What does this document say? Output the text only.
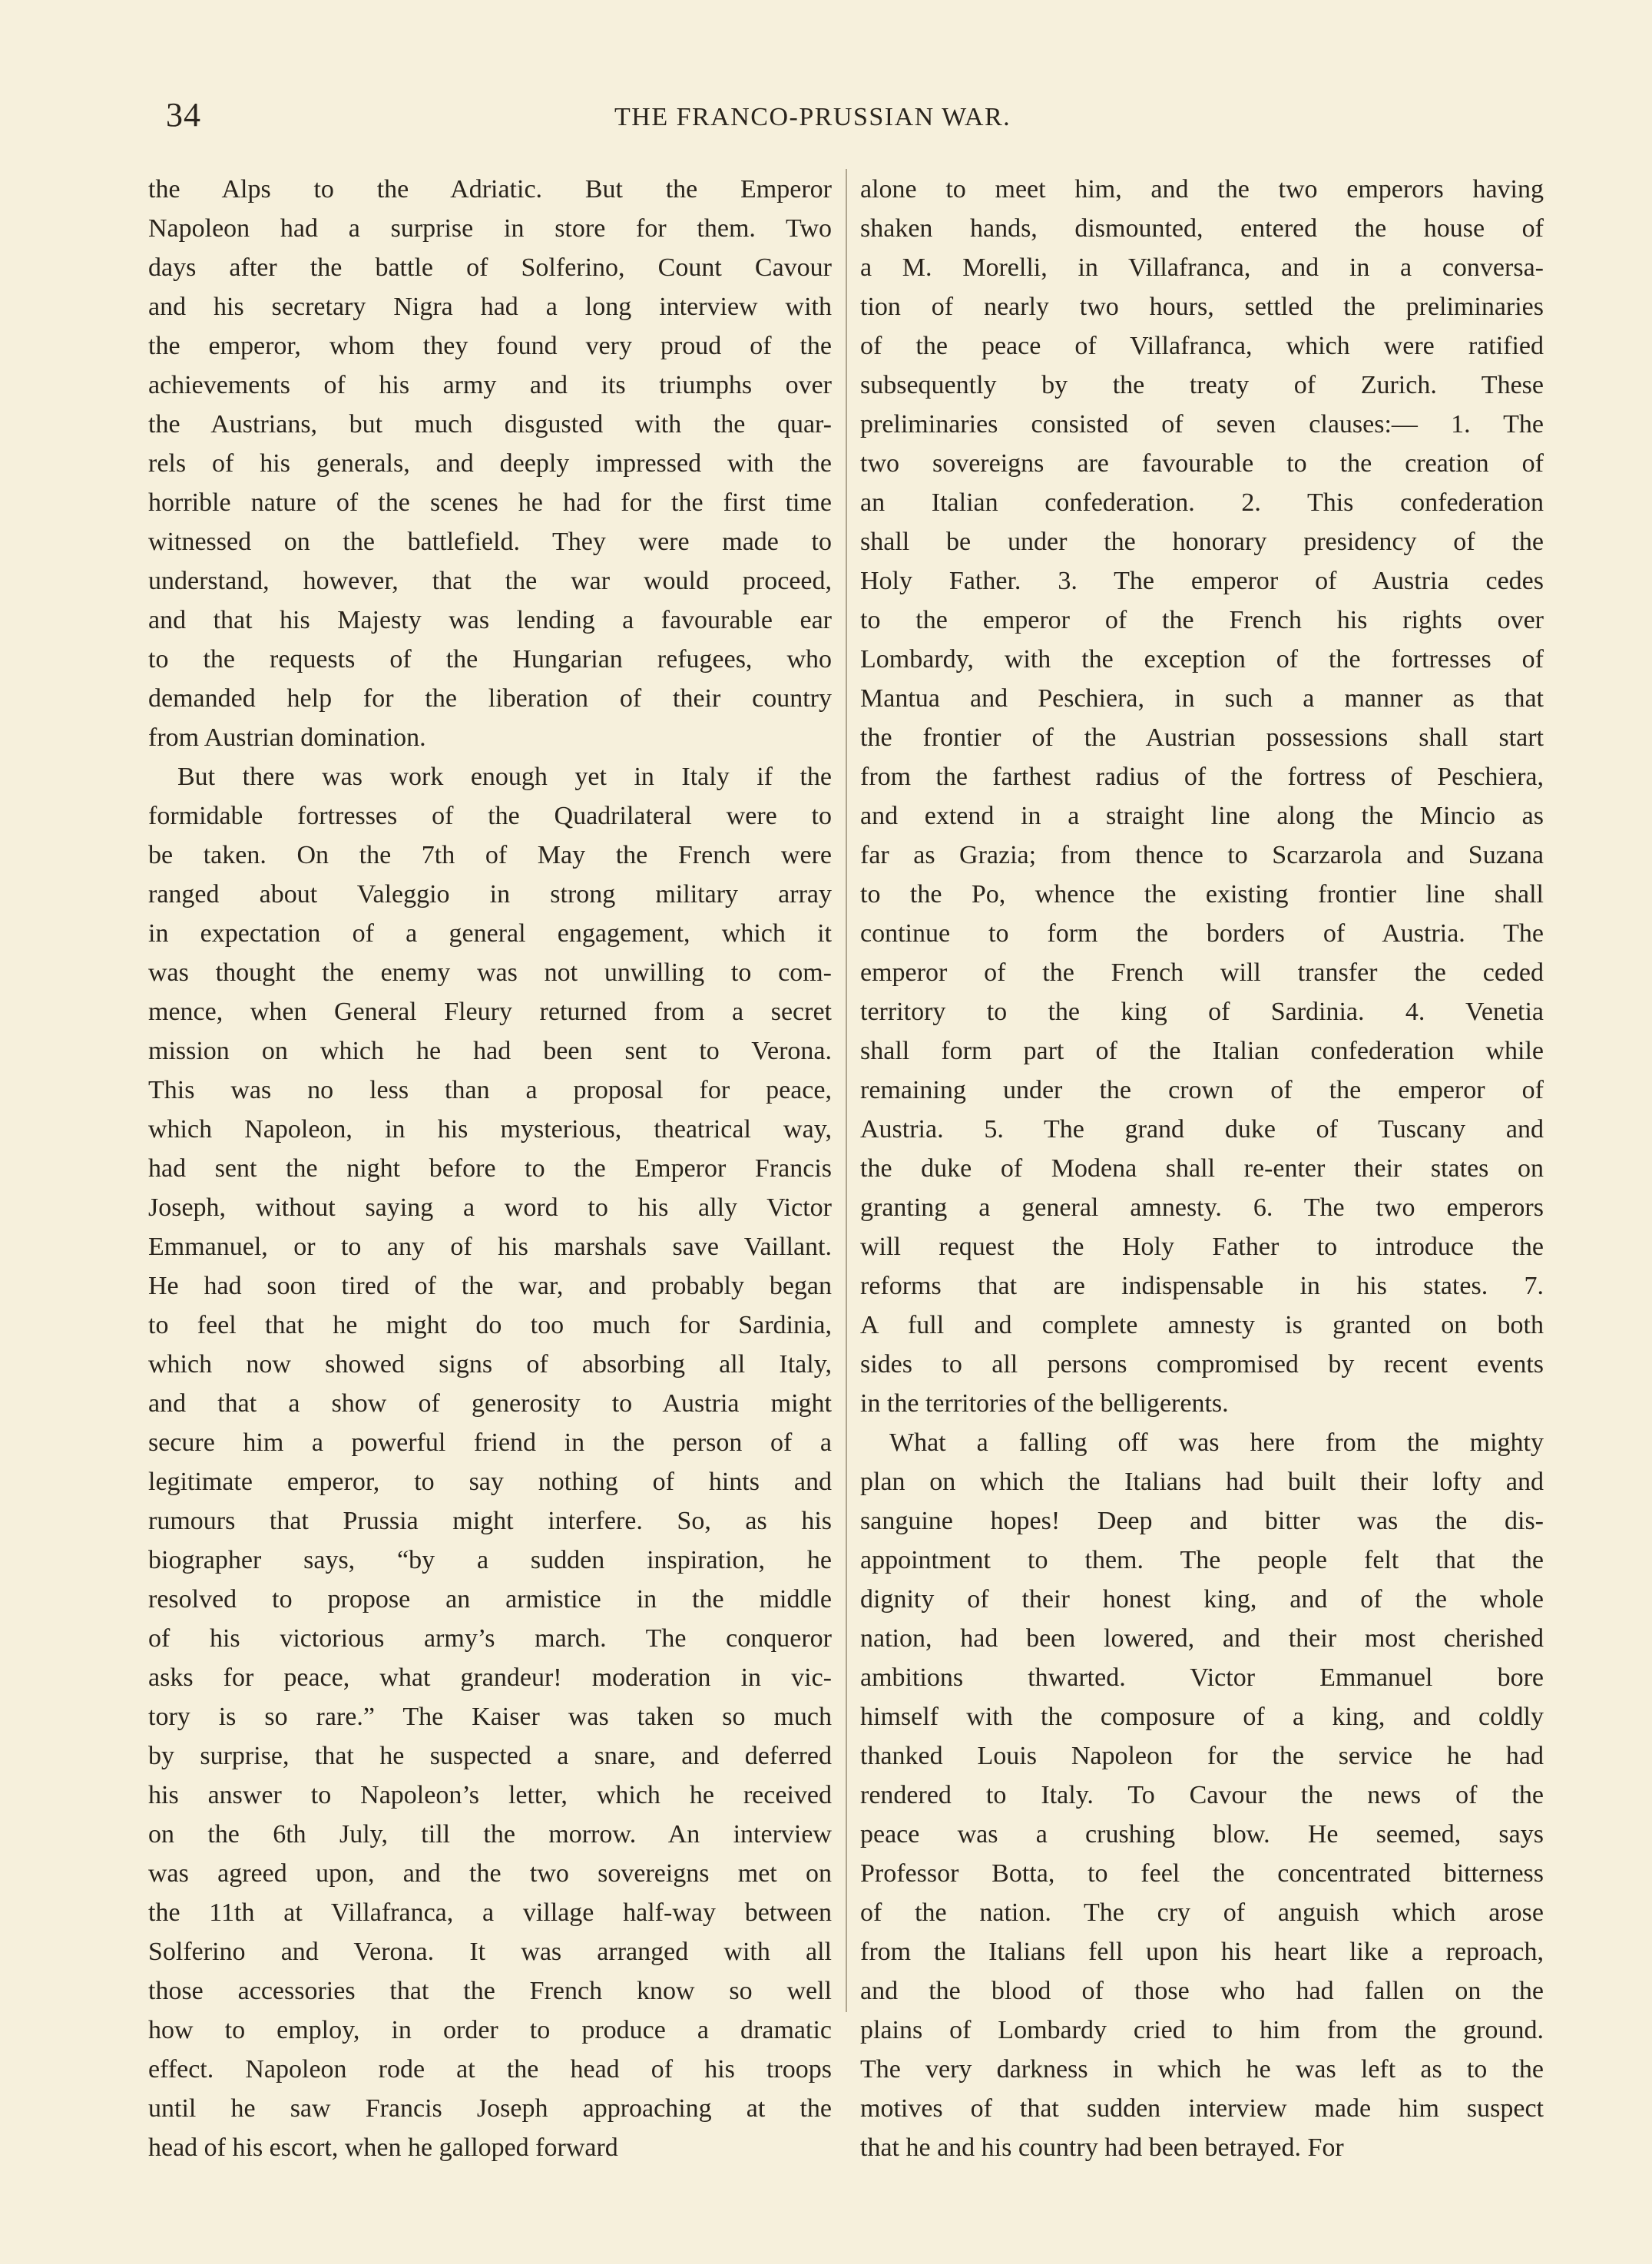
34	THE FRANCO-PRUSSIAN WAR.
the Alps to the Adriatic. But the Emperor
Napoleon had a surprise in store for them. Two
days after the battle of Solferino, Count Cavour
and his secretary Nigra had a long interview with
the emperor, whom they found very proud of the
achievements of his army and its triumphs over
the Austrians, but much disgusted with the quar-
rels of his generals, and deeply impressed with the
horrible nature of the scenes he had for the first time
witnessed on the battlefield. They were made to
understand, however, that the war would proceed,
and that his Majesty was lending a favourable ear
to the requests of the Hungarian refugees, who
demanded help for the liberation of their country
from Austrian domination.
But there was work enough yet in Italy if the
formidable fortresses of the Quadrilateral were to
be taken. On the 7th of May the French were
ranged about Valeggio in strong military array
in expectation of a general engagement, which it
was thought the enemy was not unwilling to com-
mence, when General Fleury returned from a secret
mission on which he had been sent to Verona.
This was no less than a proposal for peace,
which Napoleon, in his mysterious, theatrical way,
had sent the night before to the Emperor Francis
Joseph, without saying a word to his ally Victor
Emmanuel, or to any of his marshals save Vaillant.
He had soon tired of the war, and probably began
to feel that he might do too much for Sardinia,
which now showed signs of absorbing all Italy,
and that a show of generosity to Austria might
secure him a powerful friend in the person of a
legitimate emperor, to say nothing of hints and
rumours that Prussia might interfere. So, as his
biographer says, “by a sudden inspiration, he
resolved to propose an armistice in the middle
of his victorious army’s march. The conqueror
asks for peace, what grandeur! moderation in vic-
tory is so rare.” The Kaiser was taken so much
by surprise, that he suspected a snare, and deferred
his answer to Napoleon’s letter, which he received
on the 6th July, till the morrow. An interview
was agreed upon, and the two sovereigns met on
the 11th at Villafranca, a village half-way between
Solferino and Verona. It was arranged with all
those accessories that the French know so well
how to employ, in order to produce a dramatic
effect. Napoleon rode at the head of his troops
until he saw Francis Joseph approaching at the
head of his escort, when he galloped forward
alone to meet him, and the two emperors having
shaken hands, dismounted, entered the house of
a M. Morelli, in Villafranca, and in a conversa-
tion of nearly two hours, settled the preliminaries
of the peace of Villafranca, which were ratified
subsequently by the treaty of Zurich. These
preliminaries consisted of seven clauses:— 1. The
two sovereigns are favourable to the creation of
an Italian confederation. 2. This confederation
shall be under the honorary presidency of the
Holy Father. 3. The emperor of Austria cedes
to the emperor of the French his rights over
Lombardy, with the exception of the fortresses of
Mantua and Peschiera, in such a manner as that
the frontier of the Austrian possessions shall start
from the farthest radius of the fortress of Peschiera,
and extend in a straight line along the Mincio as
far as Grazia; from thence to Scarzarola and Suzana
to the Po, whence the existing frontier line shall
continue to form the borders of Austria. The
emperor of the French will transfer the ceded
territory to the king of Sardinia. 4. Venetia
shall form part of the Italian confederation while
remaining under the crown of the emperor of
Austria. 5. The grand duke of Tuscany and
the duke of Modena shall re-enter their states on
granting a general amnesty. 6. The two emperors
will request the Holy Father to introduce the
reforms that are indispensable in his states. 7.
A full and complete amnesty is granted on both
sides to all persons compromised by recent events
in the territories of the belligerents.
What a falling off was here from the mighty
plan on which the Italians had built their lofty and
sanguine hopes! Deep and bitter was the dis-
appointment to them. The people felt that the
dignity of their honest king, and of the whole
nation, had been lowered, and their most cherished
ambitions thwarted. Victor Emmanuel bore
himself with the composure of a king, and coldly
thanked Louis Napoleon for the service he had
rendered to Italy. To Cavour the news of the
peace was a crushing blow. He seemed, says
Professor Botta, to feel the concentrated bitterness
of the nation. The cry of anguish which arose
from the Italians fell upon his heart like a reproach,
and the blood of those who had fallen on the
plains of Lombardy cried to him from the ground.
The very darkness in which he was left as to the
motives of that sudden interview made him suspect
that he and his country had been betrayed. For
